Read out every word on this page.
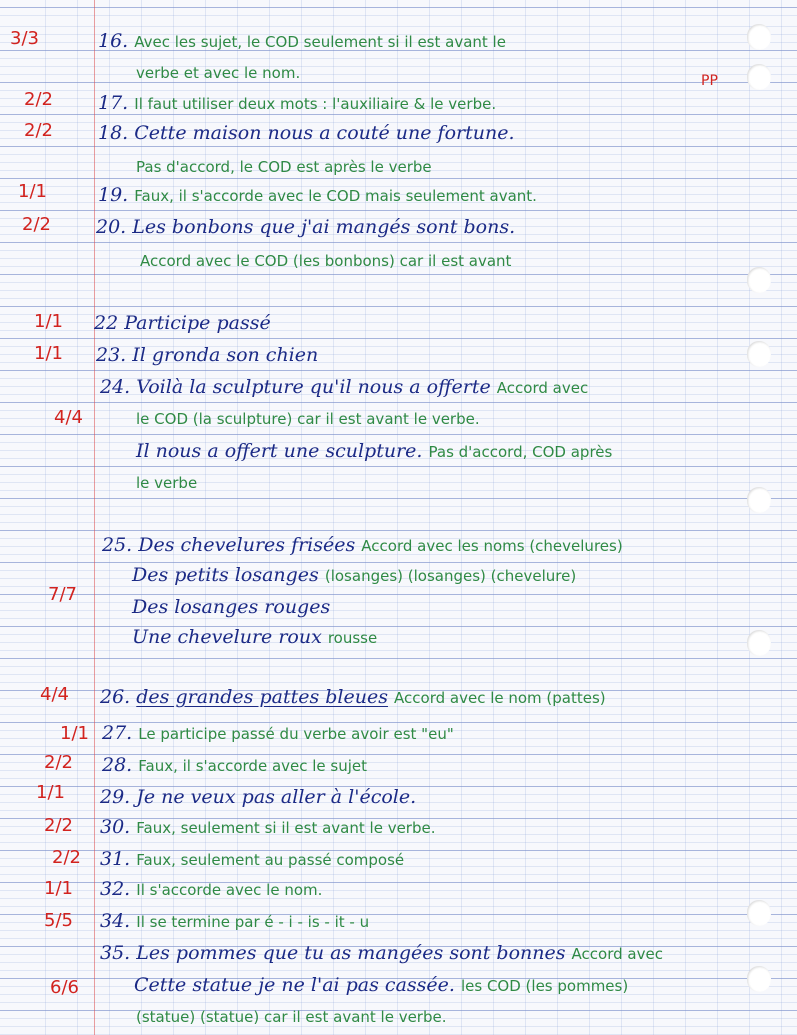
3/3
2/2
2/2
1/1
2/2
1/1
1/1
4/4
7/7
4/4
1/1
2/2
1/1
2/2
2/2
1/1
5/5
6/6
PP
16. Avec les sujet, le COD seulement si il est avant le
verbe et avec le nom.
17. Il faut utiliser deux mots : l'auxiliaire & le verbe.
18. Cette maison nous a couté une fortune.
Pas d'accord, le COD est après le verbe
19. Faux, il s'accorde avec le COD mais seulement avant.
20. Les bonbons que j'ai mangés sont bons.
Accord avec le COD (les bonbons) car il est avant
22 Participe passé
23. Il gronda son chien
24. Voilà la sculpture qu'il nous a offerte Accord avec
le COD (la sculpture) car il est avant le verbe.
Il nous a offert une sculpture. Pas d'accord, COD après
le verbe
25. Des chevelures frisées Accord avec les noms (chevelures)
Des petits losanges (losanges) (losanges) (chevelure)
Des losanges rouges
Une chevelure roux rousse
26. des grandes pattes bleues Accord avec le nom (pattes)
27. Le participe passé du verbe avoir est "eu"
28. Faux, il s'accorde avec le sujet
29. Je ne veux pas aller à l'école.
30. Faux, seulement si il est avant le verbe.
31. Faux, seulement au passé composé
32. Il s'accorde avec le nom.
34. Il se termine par é - i - is - it - u
35. Les pommes que tu as mangées sont bonnes Accord avec
Cette statue je ne l'ai pas cassée. les COD (les pommes)
(statue) (statue) car il est avant le verbe.
